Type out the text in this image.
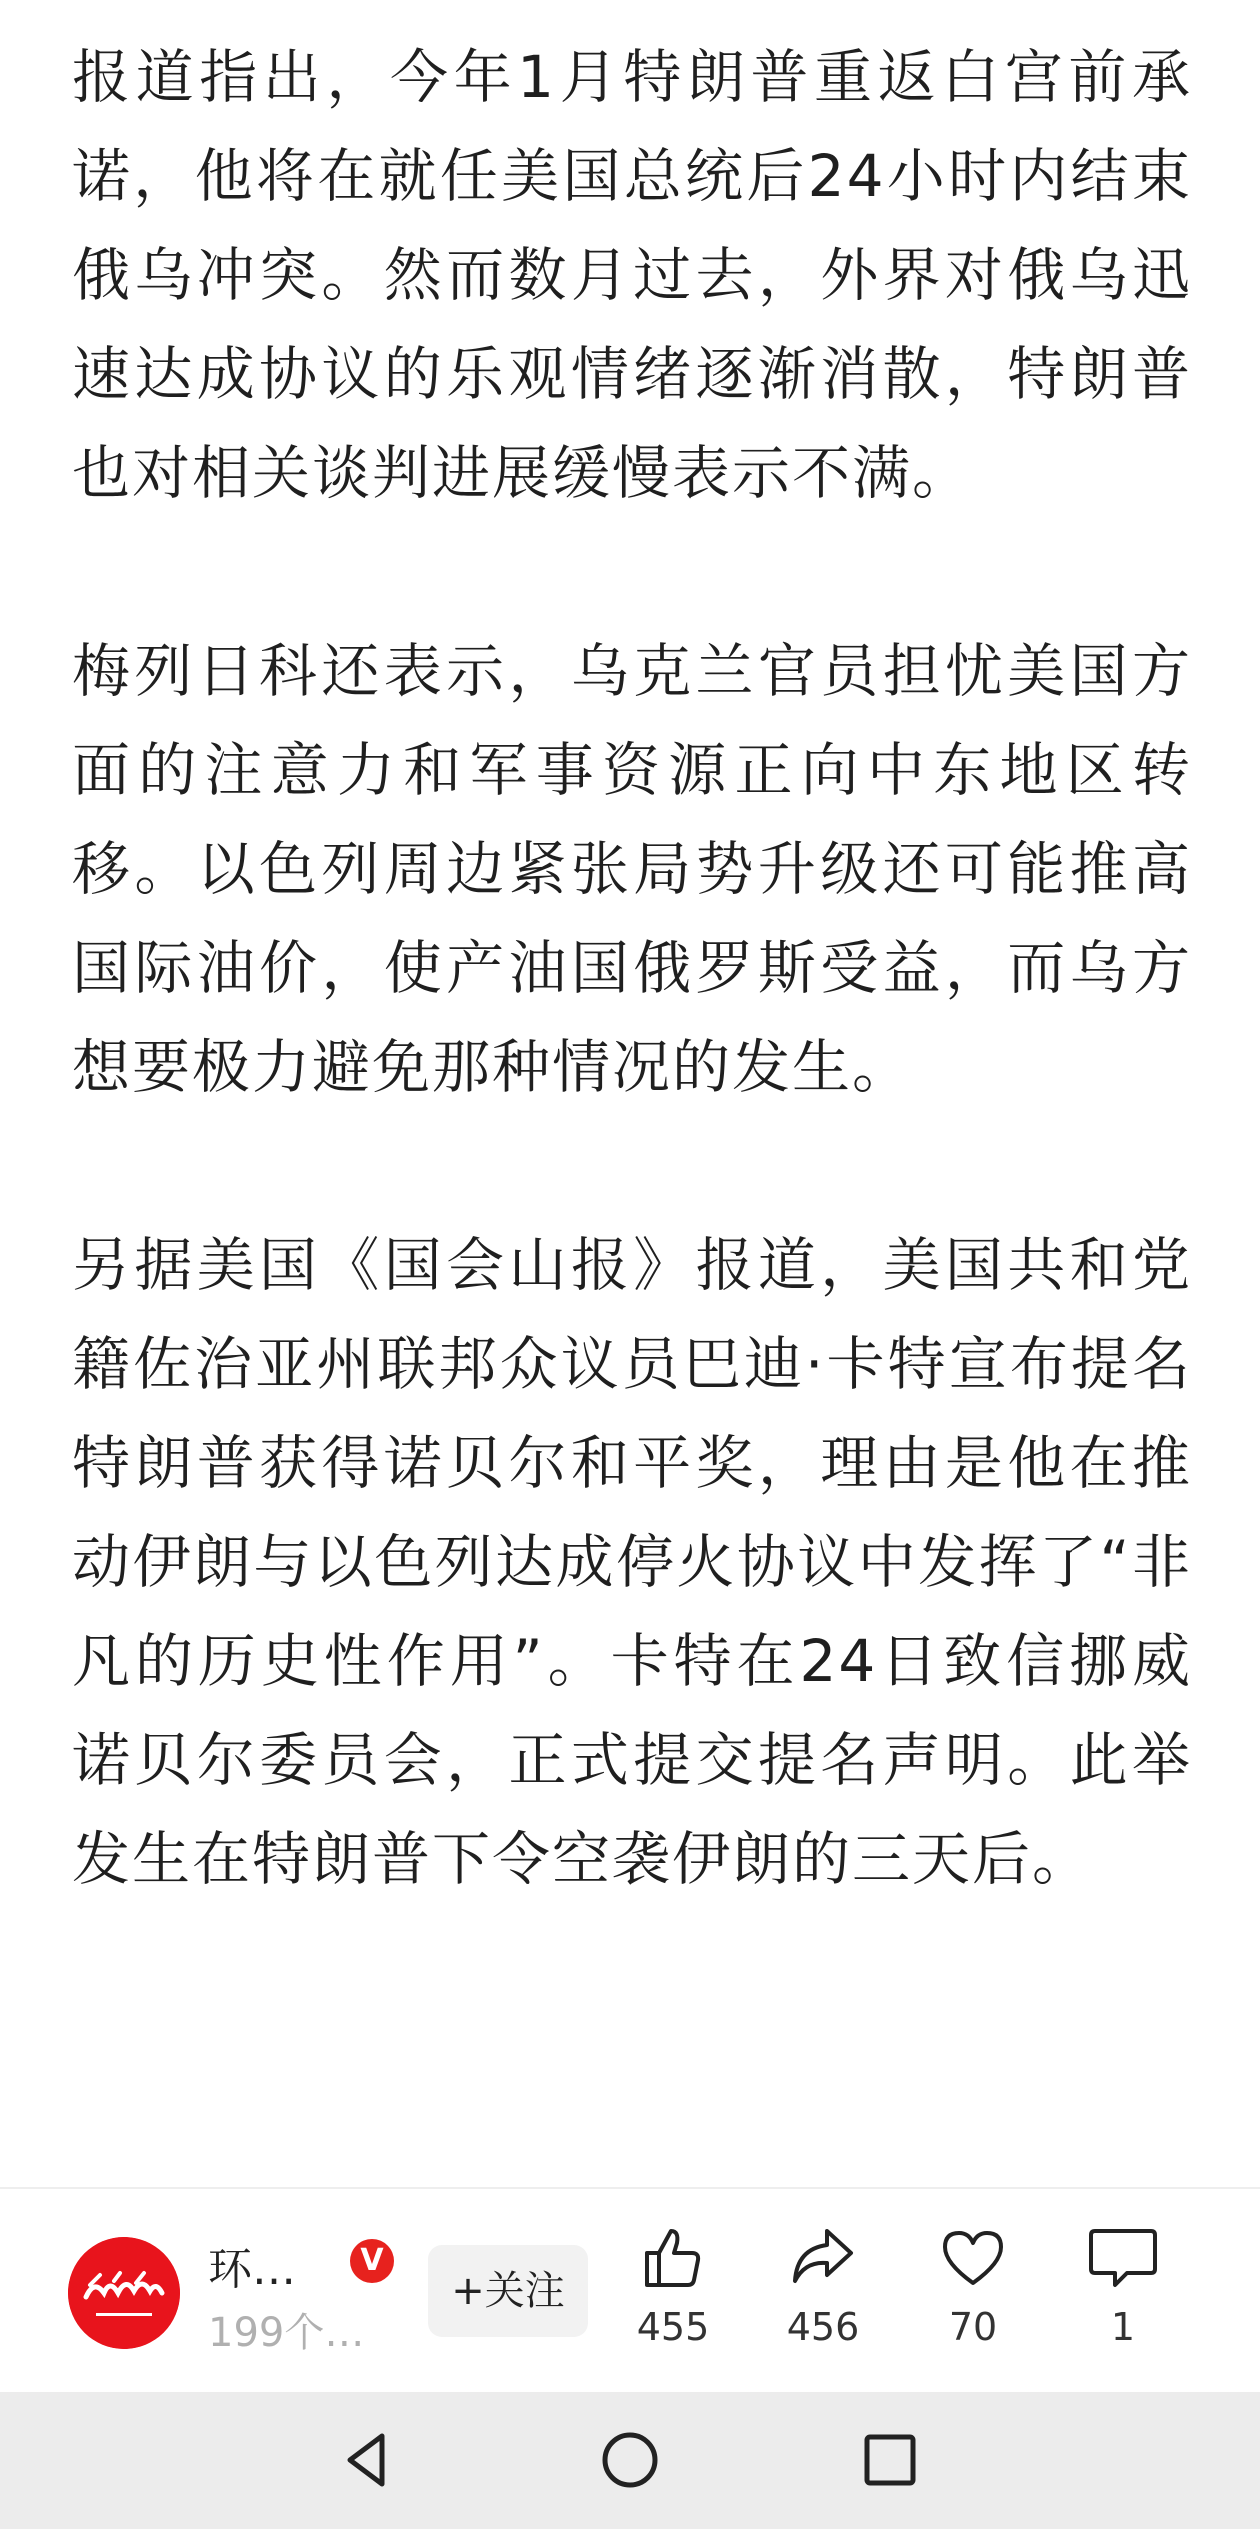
报道指出，今年1月特朗普重返白宫前承诺，他将在就任美国总统后24小时内结束俄乌冲突。然而数月过去，外界对俄乌迅速达成协议的乐观情绪逐渐消散，特朗普也对相关谈判进展缓慢表示不满。

梅列日科还表示，乌克兰官员担忧美国方面的注意力和军事资源正向中东地区转移。以色列周边紧张局势升级还可能推高国际油价，使产油国俄罗斯受益，而乌方想要极力避免那种情况的发生。

另据美国《国会山报》报道，美国共和党籍佐治亚州联邦众议员巴迪·卡特宣布提名特朗普获得诺贝尔和平奖，理由是他在推动伊朗与以色列达成停火协议中发挥了“非凡的历史性作用”。卡特在24日致信挪威诺贝尔委员会，正式提交提名声明。此举发生在特朗普下令空袭伊朗的三天后。

环…	V
199个…
+关注
455	456	70	1
